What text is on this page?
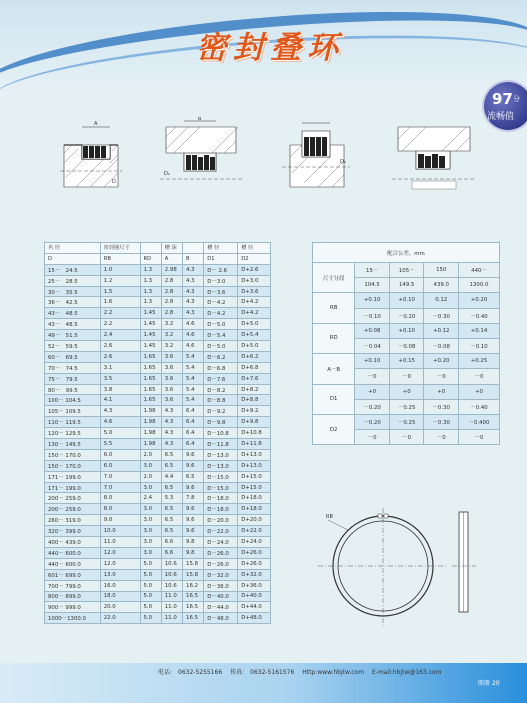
密封叠环
97 分
流畅值
A
D
B
D₂
D₁
名 径	密封圈尺寸		槽 深		槽 径	槽 径
D	RB	RD	A	B	D1	D2
15－　24.5	1.0	1.3	2.98	4.3	D－ 2.6	D+2.6
25－　28.5	1.2	1.3	2.8	4.3	D－3.0	D+3.0
30－　35.5	1.5	1.3	2.8	4.3	D－3.6	D+3.6
36－　42.5	1.6	1.3	2.8	4.3	D－4.2	D+4.2
43－　48.5	2.2	1.45	2.8	4.3	D－4.2	D+4.2
43－　48.5	2.2	1.45	3.2	4.6	D－5.0	D+5.0
49－　51.5	2.4	1.45	3.2	4.6	D－5.4	D+5.4
52－　59.5	2.6	1.45	3.2	4.6	D－5.0	D+5.0
60－　69.5	2.6	1.65	3.6	5.4	D－6.2	D+6.2
70－　74.5	3.1	1.65	3.6	5.4	D－6.8	D+6.8
75－　79.5	3.5	1.65	3.6	5.4	D－7.6	D+7.6
80－　99.5	3.8	1.65	3.6	5.4	D－8.2	D+8.2
100－ 104.5	4.1	1.65	3.6	5.4	D－8.8	D+8.8
105－ 109.5	4.3	1.98	4.3	6.4	D－9.2	D+9.2
110－ 119.5	4.6	1.98	4.3	6.4	D－9.8	D+9.8
120－ 129.5	5.0	1.98	4.3	6.4	D－10.8	D+10.8
130－ 149.5	5.5	1.98	4.3	6.4	D－11.8	D+11.8
150－ 170.0	6.0	2.0	6.5	9.6	D－13.0	D+13.0
150－ 170.0	6.0	3.0	6.5	9.6	D－13.0	D+13.0
171－ 199.0	7.0	2.0	4.4	6.5	D－15.0	D+15.0
171－ 199.0	7.0	3.0	6.5	9.6	D－15.0	D+15.0
200－ 259.0	8.0	2.4	5.3	7.8	D－18.0	D+18.0
200－ 259.0	8.0	3.0	6.5	9.6	D－18.0	D+18.0
260－ 319.0	9.0	3.0	6.5	9.6	D－20.0	D+20.0
320－ 399.0	10.0	3.0	6.5	9.6	D－22.0	D+22.0
400－ 439.0	11.0	3.0	6.6	9.8	D－24.0	D+24.0
440－ 600.0	12.0	3.0	6.6	9.8	D－26.0	D+26.0
440－ 600.0	12.0	5.0	10.6	15.8	D－26.0	D+26.0
601－ 699.0	13.0	5.0	10.6	15.8	D－32.0	D+32.0
700－ 799.0	16.0	5.0	10.6	16.2	D－36.0	D+36.0
800－ 899.0	18.0	5.0	11.0	16.5	D－40.0	D+40.0
900－ 999.0	20.0	5.0	11.0	16.5	D－44.0	D+44.0
1000－1300.0	22.0	5.0	11.0	16.5	D－48.0	D+48.0
配合公差、mm				
尺寸分段	15－	105－	150	440－
	104.5	149.5	439.0	1300.0
RB	+0.10	+0.10	0.12	+0.20
	－0.10	－0.20	－0.30	－0.40
RD	+0.08	+0.10	+0.12	+0.14
	－0.04	－0.08	－0.08	－0.10
A－B	+0.10	+0.15	+0.20	+0.25
	－0	－0	－0	－0
D1	+0	+0	+0	+0
	－0.20	－0.25	－0.30	－0.40
D2	－0.20	－0.25	－0.30	－0.400
	－0	－0	－0	－0
RB
电话:　0632-5255166 传真:　0632-5161576 Http:www.hbjtw.com E-mail:hbjtw@163.com
图册 20
